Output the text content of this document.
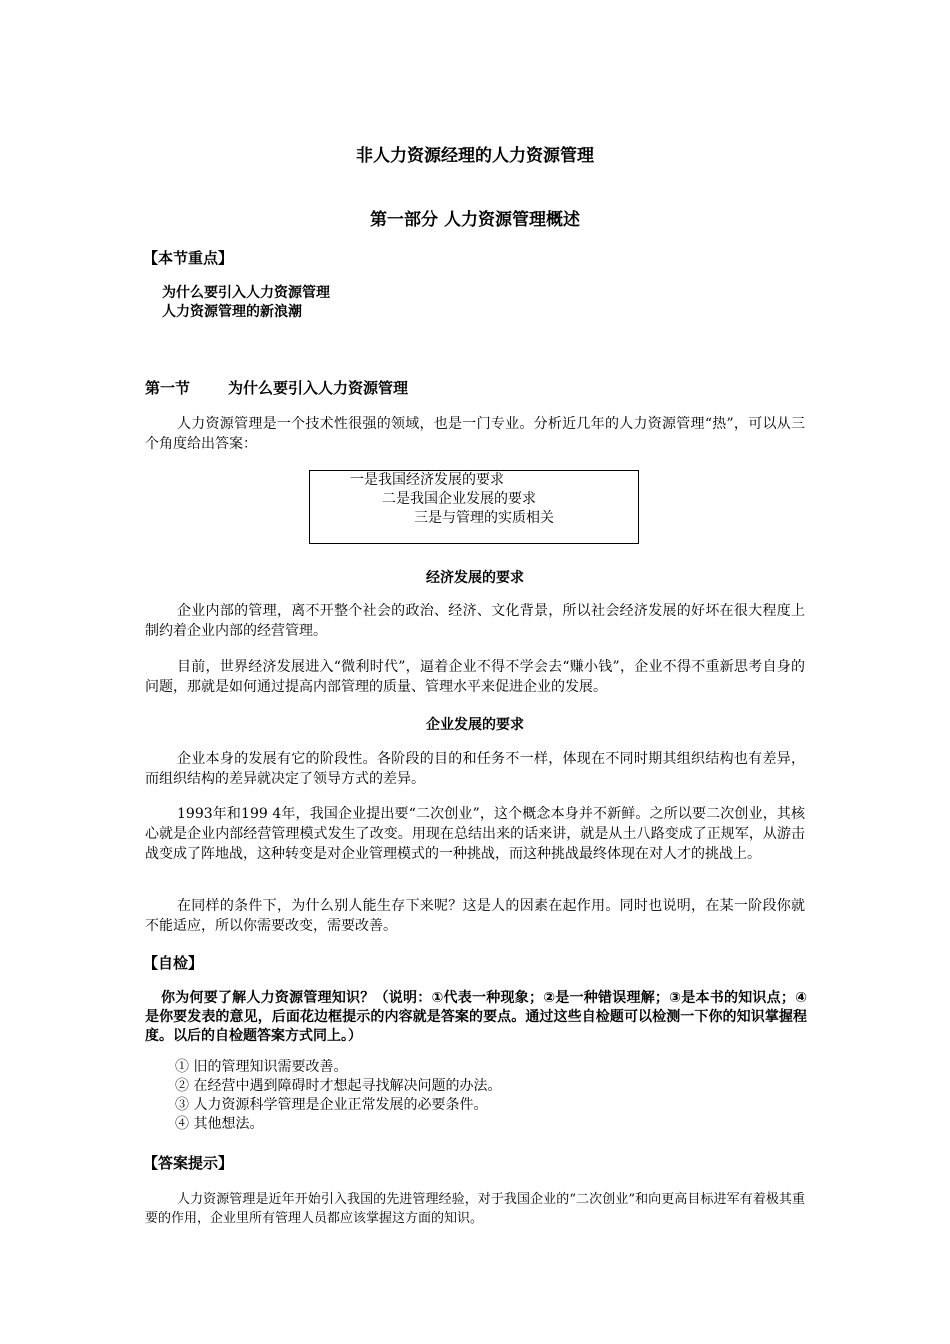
非人力资源经理的人力资源管理
第一部分 人力资源管理概述
【本节重点】
为什么要引入人力资源管理
人力资源管理的新浪潮
第一节	为什么要引入人力资源管理

人力资源管理是一个技术性很强的领域，也是一门专业。分析近几年的人力资源管理“热”，可以从三个角度给出答案：

一是我国经济发展的要求
二是我国企业发展的要求
三是与管理的实质相关
经济发展的要求

企业内部的管理，离不开整个社会的政治、经济、文化背景，所以社会经济发展的好坏在很大程度上制约着企业内部的经营管理。

目前，世界经济发展进入“微利时代”，逼着企业不得不学会去“赚小钱”，企业不得不重新思考自身的问题，那就是如何通过提高内部管理的质量、管理水平来促进企业的发展。

企业发展的要求

企业本身的发展有它的阶段性。各阶段的目的和任务不一样，体现在不同时期其组织结构也有差异，而组织结构的差异就决定了领导方式的差异。

1993年和199 4年，我国企业提出要“二次创业”，这个概念本身并不新鲜。之所以要二次创业，其核心就是企业内部经营管理模式发生了改变。用现在总结出来的话来讲，就是从土八路变成了正规军，从游击战变成了阵地战，这种转变是对企业管理模式的一种挑战，而这种挑战最终体现在对人才的挑战上。

在同样的条件下，为什么别人能生存下来呢？这是人的因素在起作用。同时也说明，在某一阶段你就不能适应，所以你需要改变，需要改善。

【自检】

你为何要了解人力资源管理知识？（说明：①代表一种现象；②是一种错误理解；③是本书的知识点；④是你要发表的意见，后面花边框提示的内容就是答案的要点。通过这些自检题可以检测一下你的知识掌握程度。以后的自检题答案方式同上。）

① 旧的管理知识需要改善。
② 在经营中遇到障碍时才想起寻找解决问题的办法。
③ 人力资源科学管理是企业正常发展的必要条件。
④ 其他想法。
【答案提示】

人力资源管理是近年开始引入我国的先进管理经验，对于我国企业的“二次创业”和向更高目标进军有着极其重要的作用，企业里所有管理人员都应该掌握这方面的知识。
